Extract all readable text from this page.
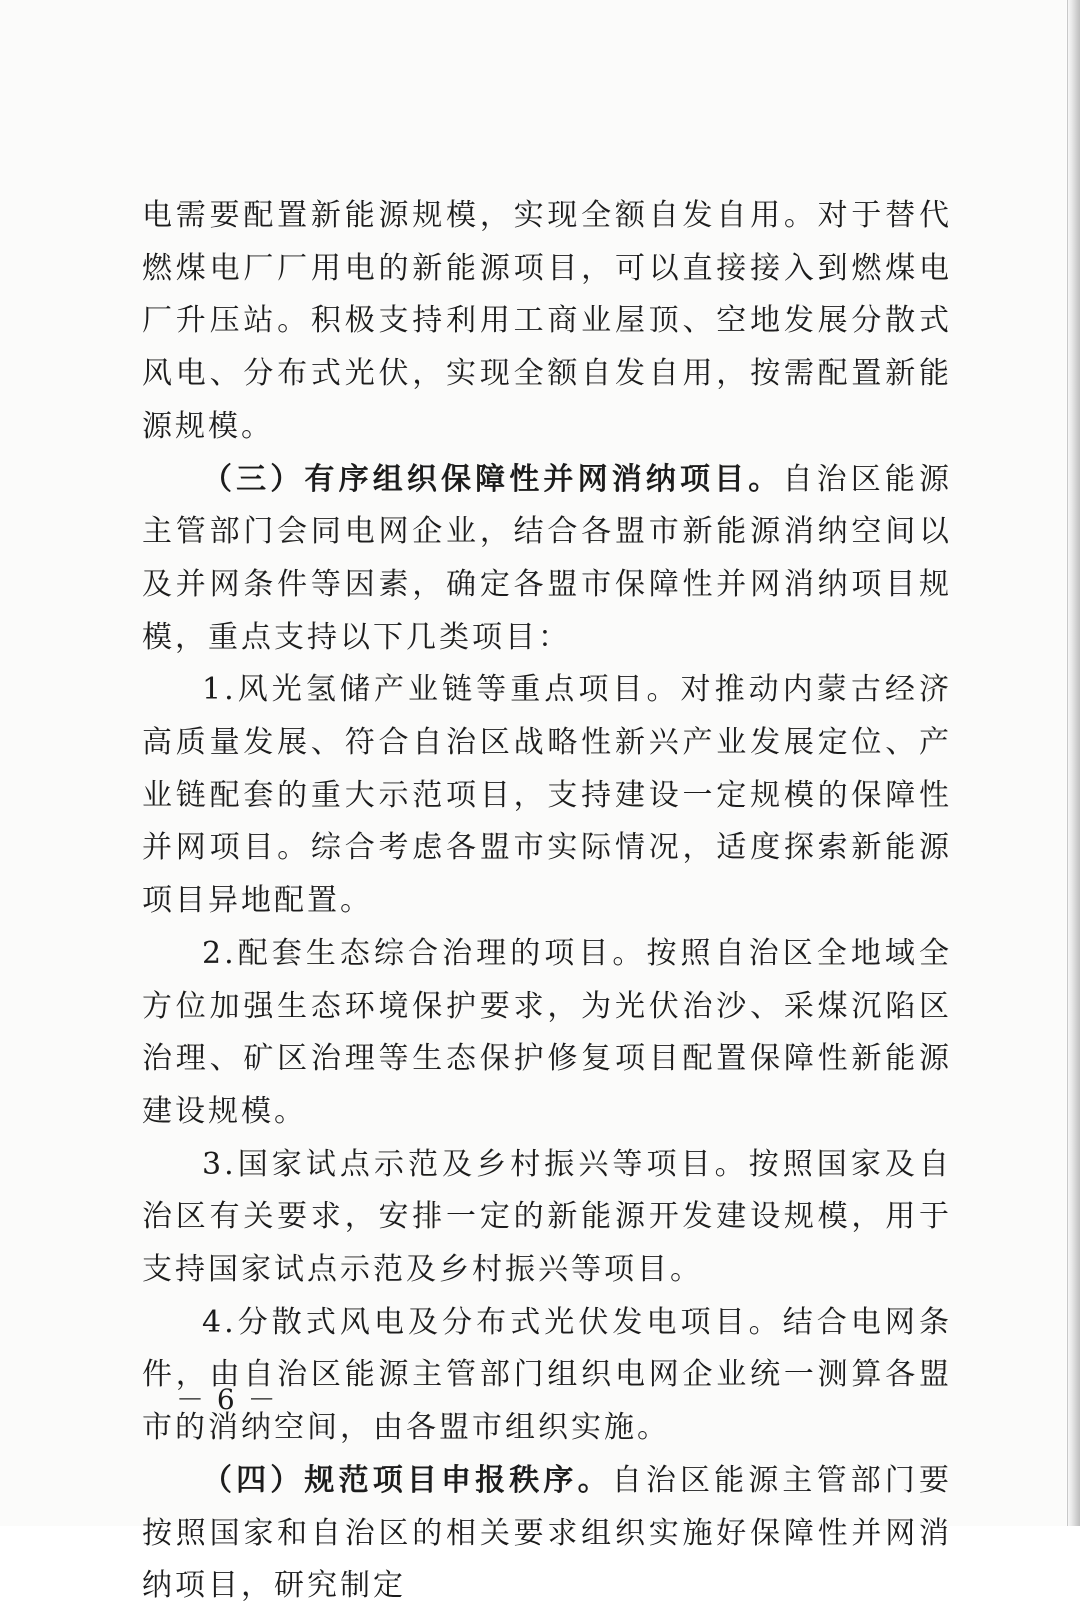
电需要配置新能源规模，实现全额自发自用。对于替代燃煤电厂厂用电的新能源项目，可以直接接入到燃煤电厂升压站。积极支持利用工商业屋顶、空地发展分散式风电、分布式光伏，实现全额自发自用，按需配置新能源规模。

（三）有序组织保障性并网消纳项目。自治区能源主管部门会同电网企业，结合各盟市新能源消纳空间以及并网条件等因素，确定各盟市保障性并网消纳项目规模，重点支持以下几类项目：

1.风光氢储产业链等重点项目。对推动内蒙古经济高质量发展、符合自治区战略性新兴产业发展定位、产业链配套的重大示范项目，支持建设一定规模的保障性并网项目。综合考虑各盟市实际情况，适度探索新能源项目异地配置。

2.配套生态综合治理的项目。按照自治区全地域全方位加强生态环境保护要求，为光伏治沙、采煤沉陷区治理、矿区治理等生态保护修复项目配置保障性新能源建设规模。

3.国家试点示范及乡村振兴等项目。按照国家及自治区有关要求，安排一定的新能源开发建设规模，用于支持国家试点示范及乡村振兴等项目。

4.分散式风电及分布式光伏发电项目。结合电网条件，由自治区能源主管部门组织电网企业统一测算各盟市的消纳空间，由各盟市组织实施。

（四）规范项目申报秩序。自治区能源主管部门要按照国家和自治区的相关要求组织实施好保障性并网消纳项目，研究制定

－ 6 －
